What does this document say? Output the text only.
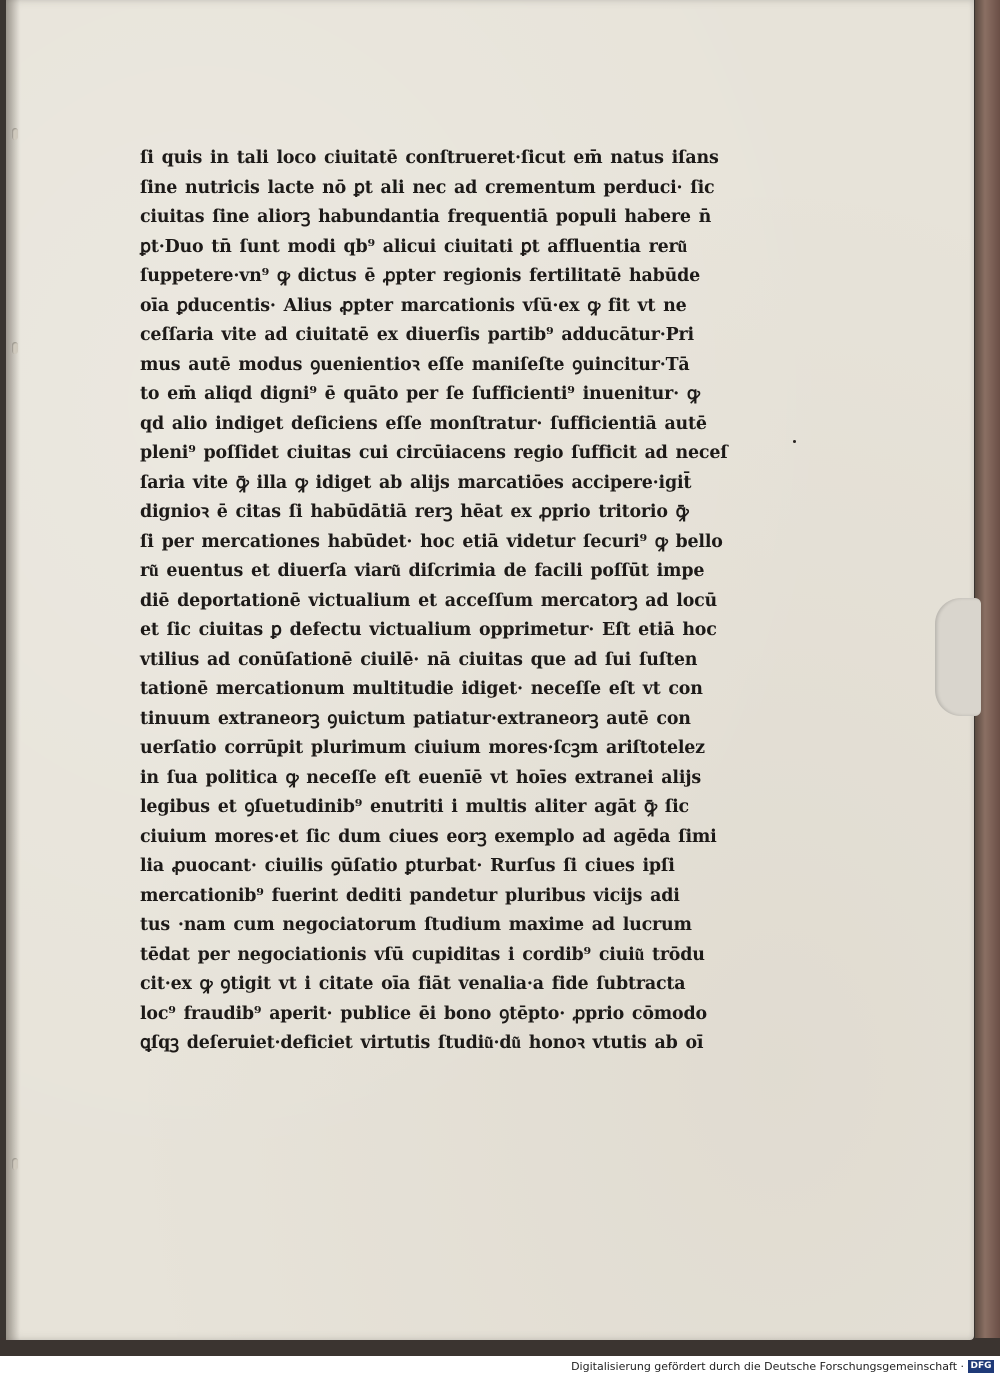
ſi quis in tali loco ciuitatē conſtrueret·ſicut em̄ natus iſans
ſine nutricis lacte nō ꝑt ali nec ad crementum perduci· ſic
ciuitas ſine aliorꝫ habundantia frequentiā populi habere n̄
ꝑt·Duo tn̄ ſunt modi qb⁹ alicui ciuitati ꝑt affluentia reru͂
ſuppetere·vn⁹ ꝙ dictus ē ꝓpter regionis fertilitatē habūde
oīa ꝑducentis· Alius ꝓpter marcationis vſū·ex ꝙ fit vt ne
ceſſaria vite ad ciuitatē ex diuerſis partib⁹ adducātur·Pri
mus autē modus ꝯuenientioꝛ eſſe maniſeſte ꝯuincitur·Tā
to em̄ aliqd digni⁹ ē quāto per ſe ſufficienti⁹ inuenitur· ꝙ
qd alio indiget deſiciens eſſe monſtratur· ſufficientiā autē
pleni⁹ poſſidet ciuitas cui circūiacens regio ſufficit ad neceſ
ſaria vite ꝙ̄ illa ꝙ idiget ab alijs marcatiōes accipere·igit̄
dignioꝛ ē citas ſi habūdātiā rerꝫ hēat ex ꝓprio tritorio ꝙ̄
ſi per mercationes habūdet· hoc etiā videtur ſecuri⁹ ꝙ bello
ru͂ euentus et diuerſa viaru͂ diſcrimia de facili poſſūt impe
diē deportationē victualium et acceſſum mercatorꝫ ad locū
et ſic ciuitas ꝑ defectu victualium opprimetur· Eſt etiā hoc
vtilius ad conūſationē ciuilē· nā ciuitas que ad ſui ſuſten
tationē mercationum multitudie idiget· neceſſe eſt vt con
tinuum extraneorꝫ ꝯuictum patiatur·extraneorꝫ autē con
uerſatio corrūpit plurimum ciuium mores·ſcꝫm ariſtotelez
in ſua politica ꝙ neceſſe eſt euenīē vt hoīes extranei alijs
legibus et ꝯſuetudinib⁹ enutriti i multis aliter agāt ꝙ̄ ſic
ciuium mores·et ſic dum ciues eorꝫ exemplo ad agēda ſimi
lia ꝓuocant· ciuilis ꝯūſatio ꝑturbat· Rurſus ſi ciues ipſi
mercationib⁹ fuerint dediti pandetur pluribus vicijs adi
tus ·nam cum negociatorum ſtudium maxime ad lucrum
tēdat per negociationis vſū cupiditas i cordib⁹ ciuiu͂ trōdu
cit·ex ꝙ ꝯtigit vt i citate oīa fiāt venalia·a fide ſubtracta
loc⁹ fraudib⁹ aperit· publice ēi bono ꝯtēpto· ꝓprio cōmodo
ꝗſqꝫ deſeruiet·deficiet virtutis ſtudiu͂·du͂ honoꝛ vtutis ab oī
Digitalisierung gefördert durch die Deutsche Forschungsgemeinschaft · DFG
